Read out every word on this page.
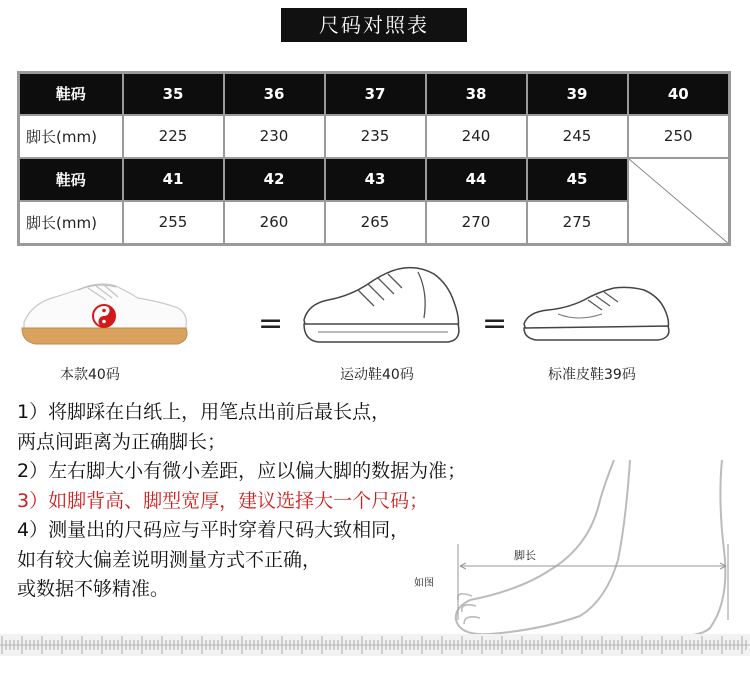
尺码对照表
鞋码	35	36	37	38	39	40
脚长(mm)	225	230	235	240	245	250
鞋码	41	42	43	44	45	

脚长(mm)	255	260	265	270	275	
本款40码
=
运动鞋40码
=
标准皮鞋39码
脚长
如图
1）将脚踩在白纸上，用笔点出前后最长点，
两点间距离为正确脚长；
2）左右脚大小有微小差距，应以偏大脚的数据为准；
3）如脚背高、脚型宽厚，建议选择大一个尺码；
4）测量出的尺码应与平时穿着尺码大致相同，
如有较大偏差说明测量方式不正确，
或数据不够精准。
